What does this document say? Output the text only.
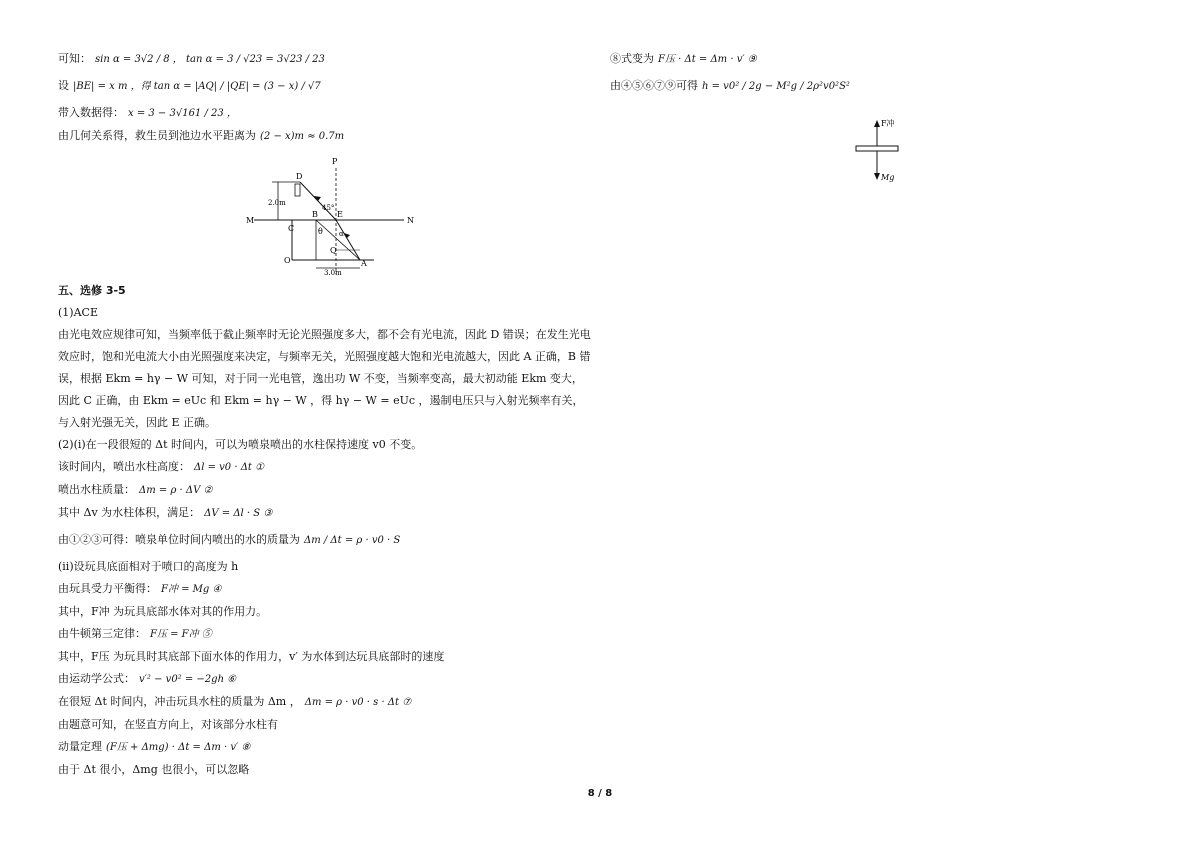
可知： sin α = 3√2 / 8 ， tan α = 3 / √23 = 3√23 / 23
设 |BE| = x m ，得 tan α = |AQ| / |QE| = (3 − x) / √7
带入数据得： x = 3 − 3√161 / 23 ，
由几何关系得，救生员到池边水平距离为 (2 − x)m ≈ 0.7m
P
D
2.0m
B E
45°
M
C
N
θ α
Q
O	A
3.0m
五、选修 3-5
(1)ACE
由光电效应规律可知，当频率低于截止频率时无论光照强度多大，都不会有光电流，因此 D 错误；在发生光电效应时，饱和光电流大小由光照强度来决定，与频率无关，光照强度越大饱和光电流越大，因此 A 正确，B 错误，根据 Ekm = hγ − W 可知，对于同一光电管，逸出功 W 不变，当频率变高，最大初动能 Ekm 变大，因此 C 正确，由 Ekm = eUc 和 Ekm = hγ − W ，得 hγ − W = eUc ，遏制电压只与入射光频率有关，与入射光强无关，因此 E 正确。
(2)(i)在一段很短的 Δt 时间内，可以为喷泉喷出的水柱保持速度 v0 不变。
该时间内，喷出水柱高度： Δl = v0 · Δt ①
喷出水柱质量： Δm = ρ · ΔV ②
其中 Δv 为水柱体积，满足： ΔV = Δl · S ③
由①②③可得：喷泉单位时间内喷出的水的质量为 Δm / Δt = ρ · v0 · S
(ii)设玩具底面相对于喷口的高度为 h
由玩具受力平衡得： F冲 = Mg ④
其中，F冲 为玩具底部水体对其的作用力。
由牛顿第三定律： F压 = F冲 ⑤
其中，F压 为玩具时其底部下面水体的作用力，v′ 为水体到达玩具底部时的速度
由运动学公式： v′² − v0² = −2gh ⑥
在很短 Δt 时间内，冲击玩具水柱的质量为 Δm ， Δm = ρ · v0 · s · Δt ⑦
由题意可知，在竖直方向上，对该部分水柱有
动量定理 (F压 + Δmg) · Δt = Δm · v′ ⑧
由于 Δt 很小，Δmg 也很小，可以忽略
⑧式变为 F压 · Δt = Δm · v′ ⑨
由④⑤⑥⑦⑨可得 h = v0² / 2g − M²g / 2ρ²v0²S²
F冲
Mg
8 / 8
